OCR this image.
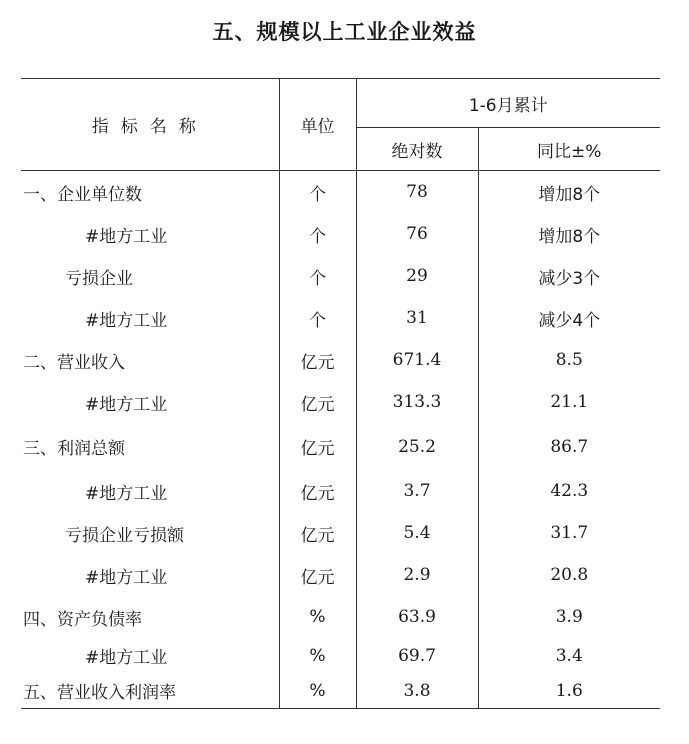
五、规模以上工业企业效益
指标名称	单位	1-6月累计	
		绝对数	同比±%
一、企业单位数	个	78	增加8个
#地方工业	个	76	增加8个
亏损企业	个	29	减少3个
#地方工业	个	31	减少4个
二、营业收入	亿元	671.4	8.5
#地方工业	亿元	313.3	21.1
三、利润总额	亿元	25.2	86.7
#地方工业	亿元	3.7	42.3
亏损企业亏损额	亿元	5.4	31.7
#地方工业	亿元	2.9	20.8
四、资产负债率	%	63.9	3.9
#地方工业	%	69.7	3.4
五、营业收入利润率	%	3.8	1.6
